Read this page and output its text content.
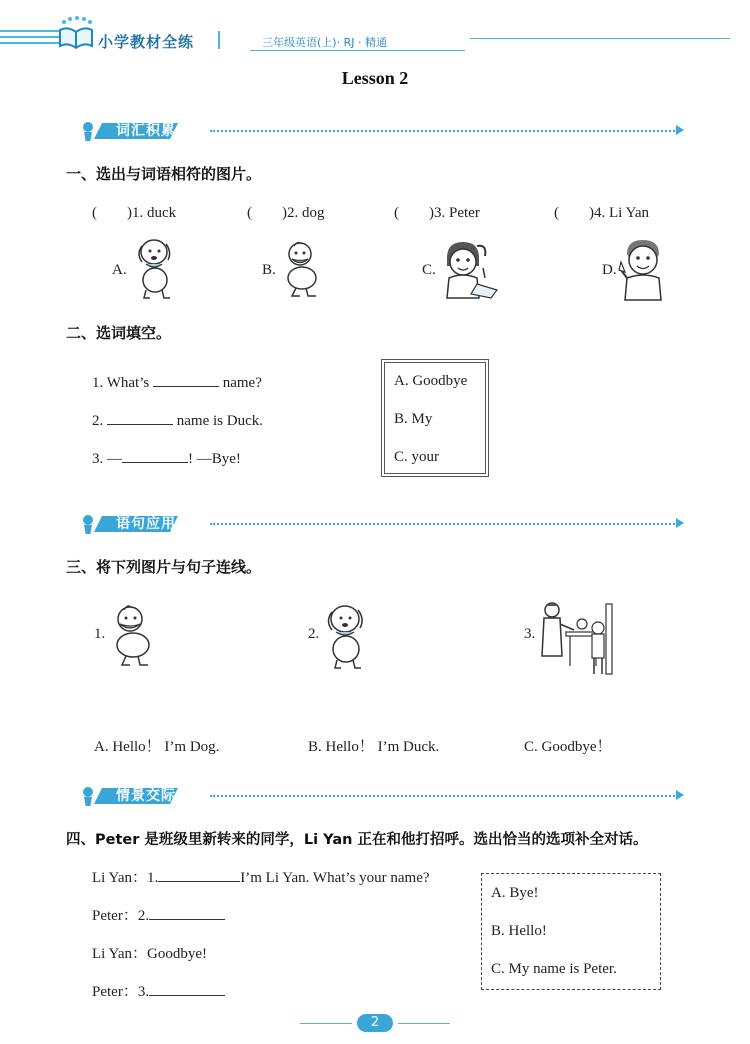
小学教材全练	三年级英语(上)· RJ · 精通
Lesson 2
词汇积累练
一、选出与词语相符的图片。
(　　)1. duck	(　　)2. dog	(　　)3. Peter	(　　)4. Li Yan
A.	B.	C.	D.
二、选词填空。
1. What’s	name?
2.	name is Duck.
3. —	! —Bye!
A. Goodbye
B. My
C. your
语句应用练
三、将下列图片与句子连线。
1.	2.	3.
A. Hello！ I’m Dog.	B. Hello！ I’m Duck.	C. Goodbye！
情景交际练
四、Peter 是班级里新转来的同学，Li Yan 正在和他打招呼。选出恰当的选项补全对话。
Li Yan：1.	I’m Li Yan. What’s your name?
Peter：2.
Li Yan：Goodbye!
Peter：3.
A. Bye!
B. Hello!
C. My name is Peter.
2
